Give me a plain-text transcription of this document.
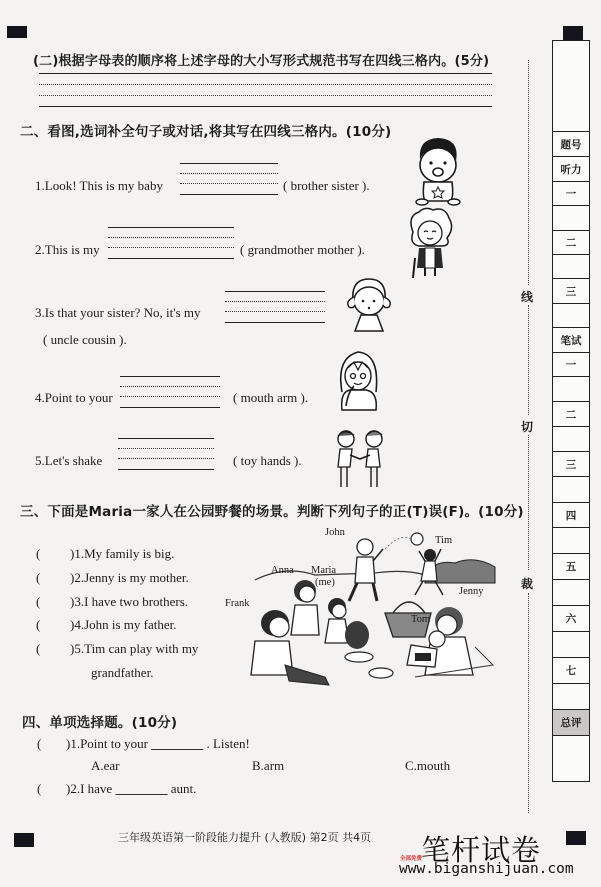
(二)根据字母表的顺序将上述字母的大小写形式规范书写在四线三格内。(5分)
二、看图,选词补全句子或对话,将其写在四线三格内。(10分)
1.Look! This is my baby	( brother sister ).
2.This is my	( grandmother mother ).
3.Is that your sister? No, it's my
( uncle cousin ).
4.Point to your	( mouth arm ).
5.Let's shake	( toy hands ).
三、下面是Maria一家人在公园野餐的场景。判断下列句子的正(T)误(F)。(10分)
( )1.My family is big.
( )2.Jenny is my mother.
( )3.I have two brothers.
( )4.John is my father.
( )5.Tim can play with my
grandfather.
John
Tim
Anna Maria
(me)
Frank
Jenny
Tom
四、单项选择题。(10分)
( )1.Point to your ________ . Listen!
A.ear	B.arm	C.mouth
( )2.I have ________ aunt.
三年级英语第一阶段能力提升 (人教版) 第2页 共4页 笔杆试卷
全部免费
www.biganshijuan.com
线
切
裁
题号
听力
一
二
三
笔试
一
二
三
四
五
六
七
总评
